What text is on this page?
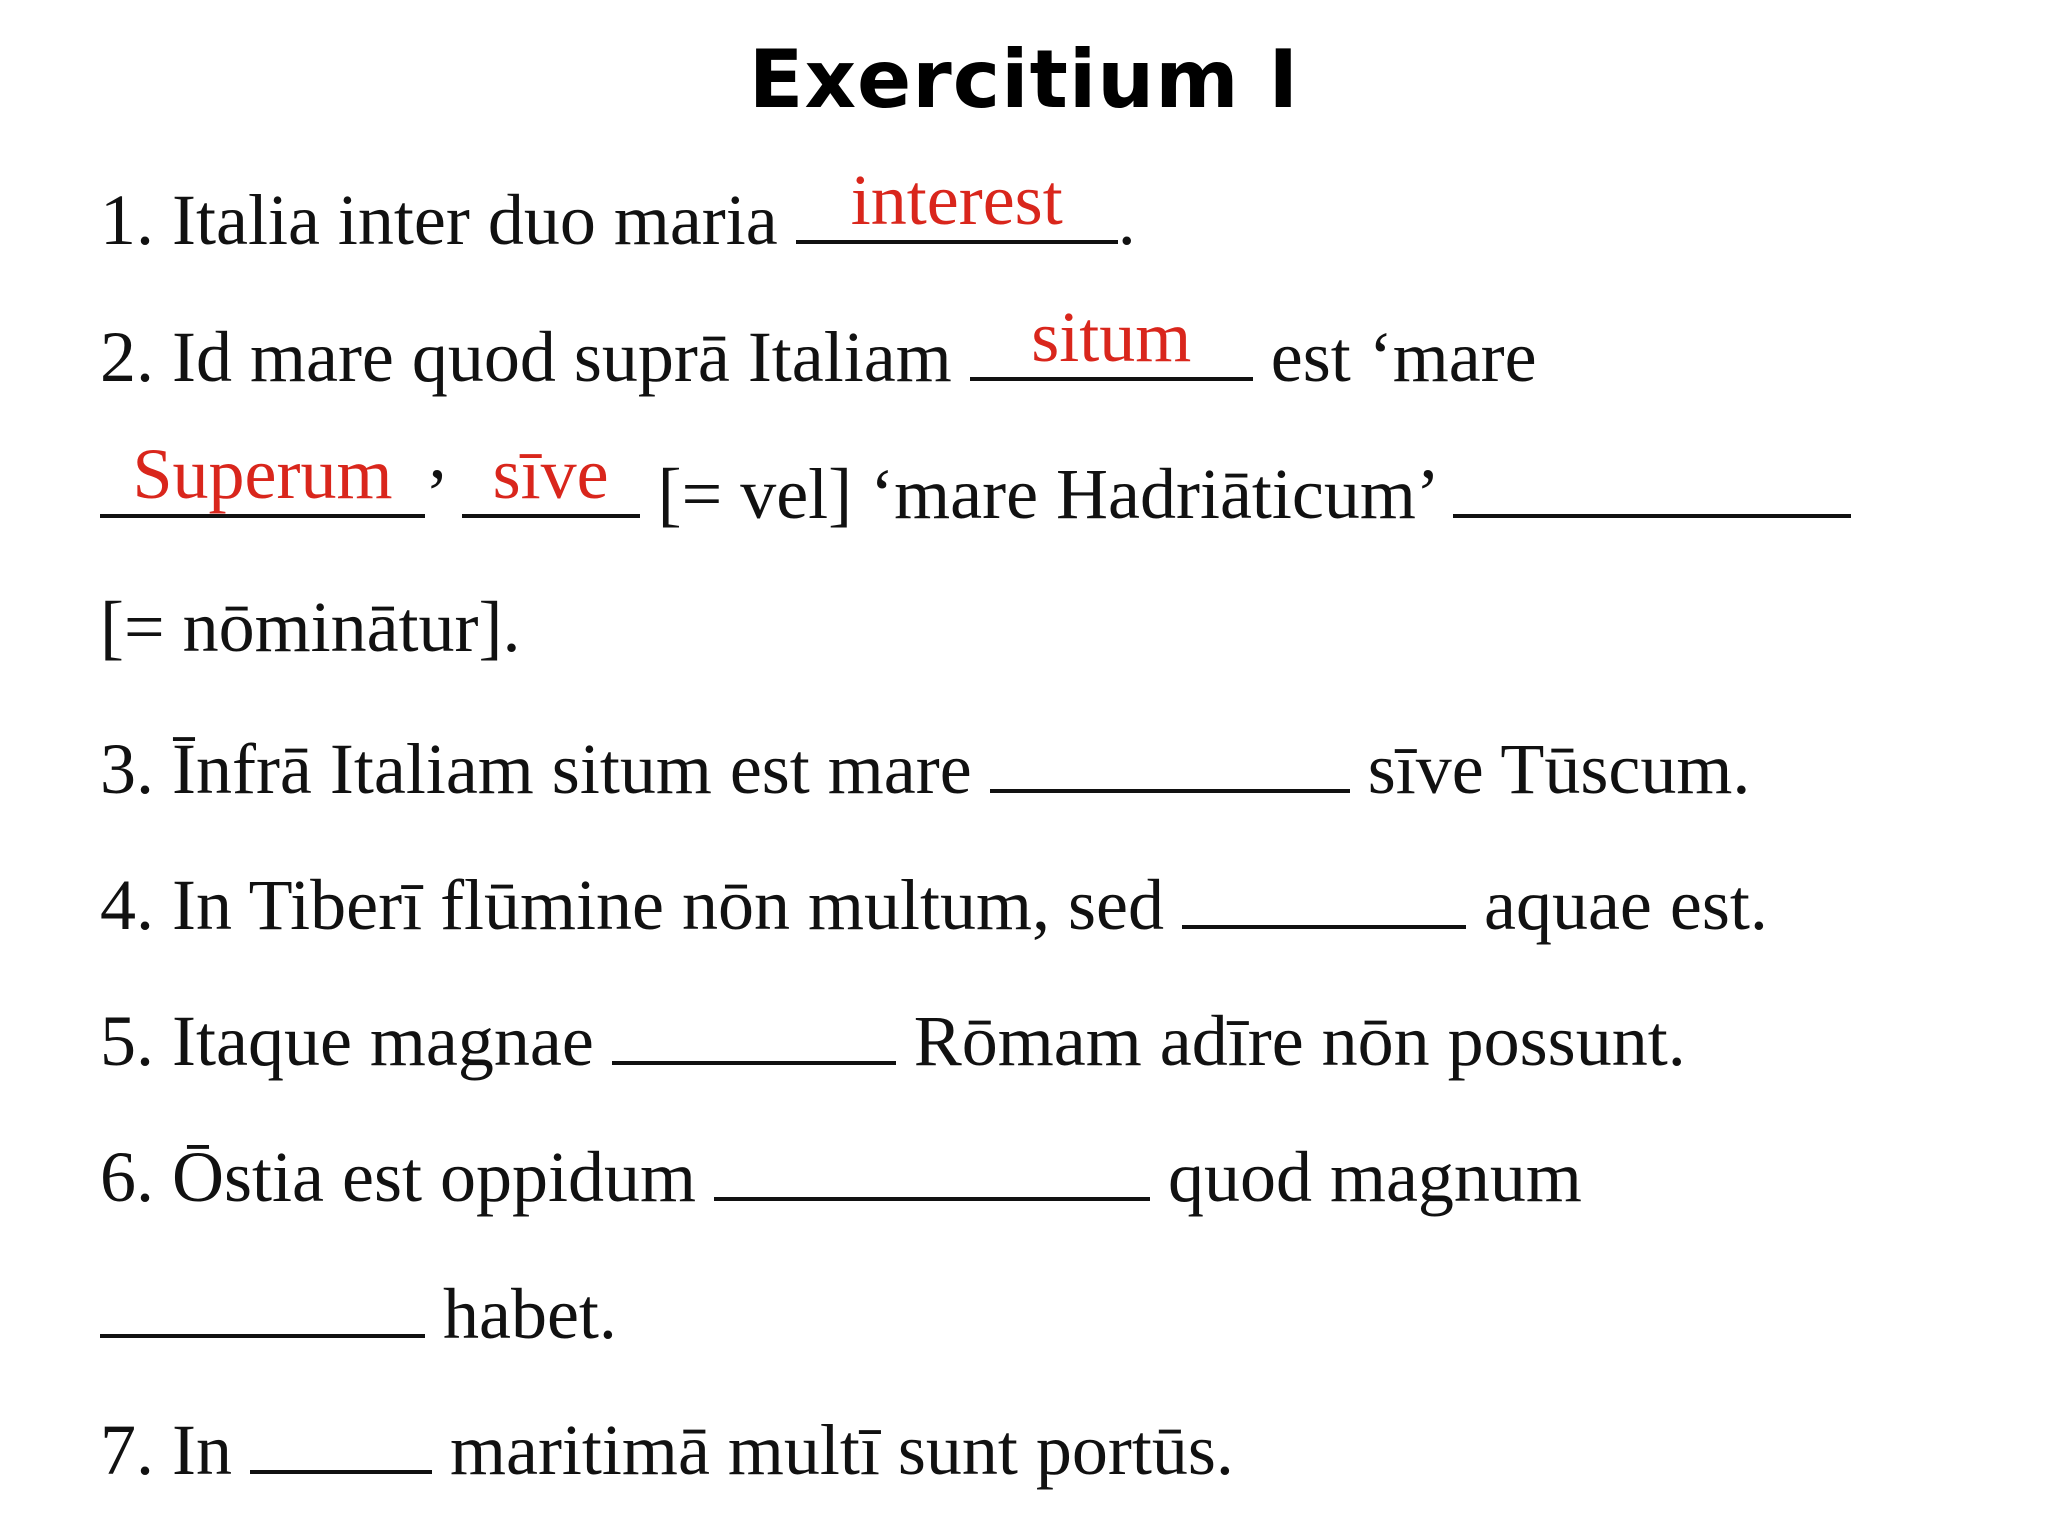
Exercitium I
1. Italia inter duo maria	interest .
2. Id mare quod suprā Italiam	situm	est ‘mare
Superum ’ sīve [= vel] ‘mare Hadriāticum’
[= nōminātur].
3. Īnfrā Italiam situm est mare	sīve Tūscum.
4. In Tiberī flūmine nōn multum, sed	aquae est.
5. Itaque magnae	Rōmam adīre nōn possunt.
6. Ōstia est oppidum	quod magnum
habet.
7. In	maritimā multī sunt portūs.
